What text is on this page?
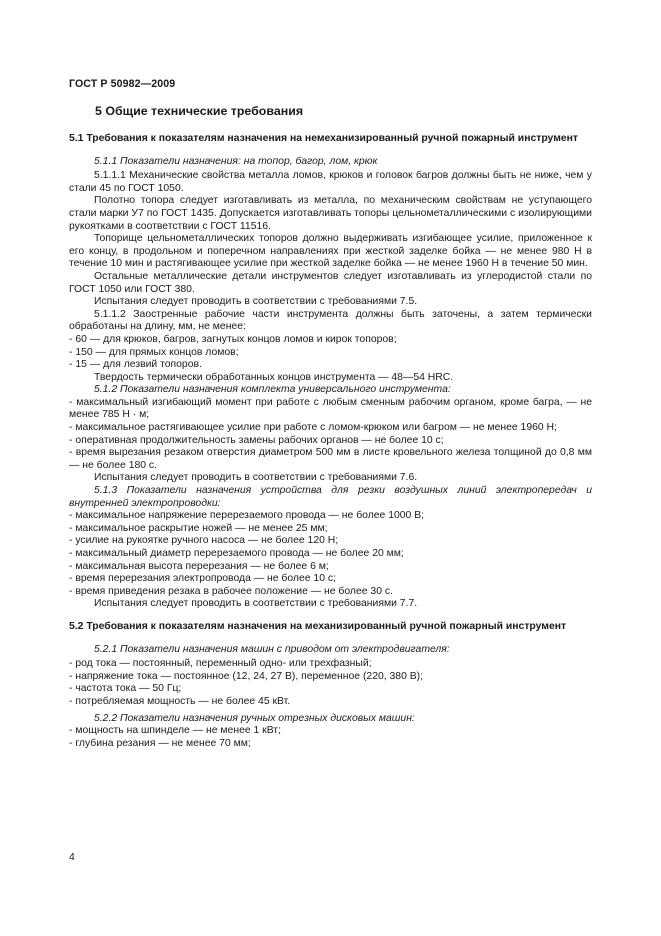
ГОСТ Р 50982—2009
5 Общие технические требования
5.1 Требования к показателям назначения на немеханизированный ручной пожарный инструмент

5.1.1 Показатели назначения: на топор, багор, лом, крюк

5.1.1.1 Механические свойства металла ломов, крюков и головок багров должны быть не ниже, чем у стали 45 по ГОСТ 1050.

Полотно топора следует изготавливать из металла, по механическим свойствам не уступающего стали марки У7 по ГОСТ 1435. Допускается изготавливать топоры цельнометаллическими с изолирующими рукоятками в соответствии с ГОСТ 11516.

Топорище цельнометаллических топоров должно выдерживать изгибающее усилие, приложенное к его концу, в продольном и поперечном направлениях при жесткой заделке бойка — не менее 980 Н в течение 10 мин и растягивающее усилие при жесткой заделке бойка — не менее 1960 Н в течение 50 мин.

Остальные металлические детали инструментов следует изготавливать из углеродистой стали по ГОСТ 1050 или ГОСТ 380.

Испытания следует проводить в соответствии с требованиями 7.5.

5.1.1.2 Заостренные рабочие части инструмента должны быть заточены, а затем термически обработаны на длину, мм, не менее:

- 60 — для крюков, багров, загнутых концов ломов и кирок топоров;

- 150 — для прямых концов ломов;

- 15 — для лезвий топоров.

Твердость термически обработанных концов инструмента — 48—54 HRC.

5.1.2 Показатели назначения комплекта универсального инструмента:

- максимальный изгибающий момент при работе с любым сменным рабочим органом, кроме багра, — не менее 785 Н · м;

- максимальное растягивающее усилие при работе с ломом-крюком или багром — не менее 1960 Н;

- оперативная продолжительность замены рабочих органов — не более 10 с;

- время вырезания резаком отверстия диаметром 500 мм в листе кровельного железа толщиной до 0,8 мм — не более 180 с.

Испытания следует проводить в соответствии с требованиями 7.6.

5.1.3 Показатели назначения устройства для резки воздушных линий электропередач и внутренней электропроводки:

- максимальное напряжение перерезаемого провода — не более 1000 В;

- максимальное раскрытие ножей — не менее 25 мм;

- усилие на рукоятке ручного насоса — не более 120 Н;

- максимальный диаметр перерезаемого провода — не более 20 мм;

- максимальная высота перерезания — не более 6 м;

- время перерезания электропровода — не более 10 с;

- время приведения резака в рабочее положение — не более 30 с.

Испытания следует проводить в соответствии с требованиями 7.7.

5.2 Требования к показателям назначения на механизированный ручной пожарный инструмент

5.2.1 Показатели назначения машин с приводом от электродвигателя:

- род тока — постоянный, переменный одно- или трехфазный;

- напряжение тока — постоянное (12, 24, 27 В), переменное (220, 380 В);

- частота тока — 50 Гц;

- потребляемая мощность — не более 45 кВт.

5.2.2 Показатели назначения ручных отрезных дисковых машин:

- мощность на шпинделе — не менее 1 кВт;

- глубина резания — не менее 70 мм;

4
